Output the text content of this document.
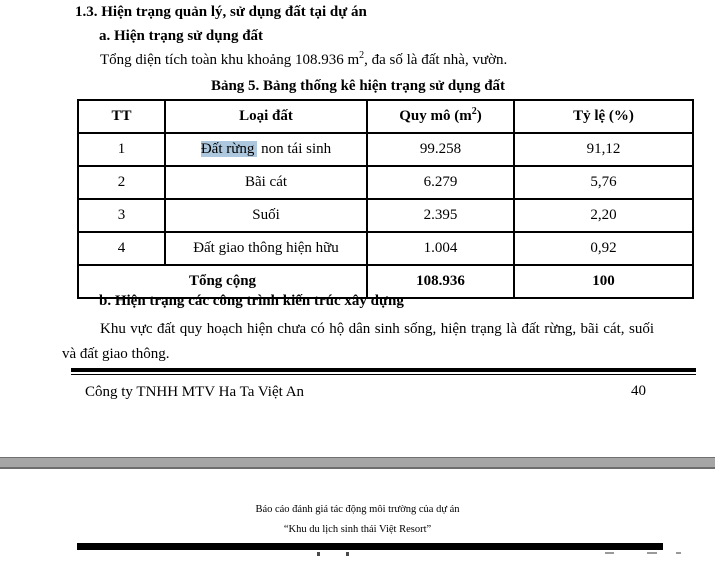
1.3. Hiện trạng quản lý, sử dụng đất tại dự án
a. Hiện trạng sử dụng đất
Tổng diện tích toàn khu khoảng 108.936 $m^2$, đa số là đất nhà, vườn.
Bảng 5. Bảng thống kê hiện trạng sử dụng đất
TT	Loại đất	Quy mô $(m^2)$	Tỷ lệ (%)
1	Đất rừng non tái sinh	99.258	91,12
2	Bãi cát	6.279	5,76
3	Suối	2.395	2,20
4	Đất giao thông hiện hữu	1.004	0,92
Tổng cộng		108.936	100
b. Hiện trạng các công trình kiến trúc xây dựng
Khu vực đất quy hoạch hiện chưa có hộ dân sinh sống, hiện trạng là đất rừng, bãi cát, suối và đất giao thông.
Công ty TNHH MTV Ha Ta Việt An	40
Báo cáo đánh giá tác động môi trường của dự án
“Khu du lịch sinh thái Việt Resort”
